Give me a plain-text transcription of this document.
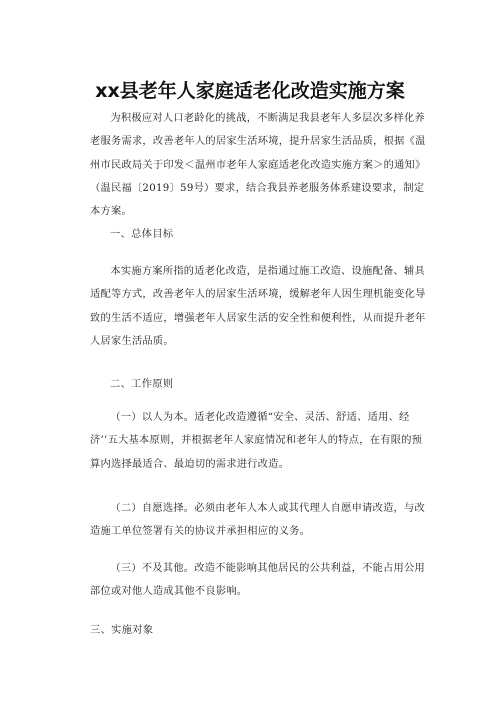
xx县老年人家庭适老化改造实施方案

为积极应对人口老龄化的挑战，不断满足我县老年人多层次多样化养老服务需求，改善老年人的居家生活环境，提升居家生活品质，根据《温州市民政局关于印发＜温州市老年人家庭适老化改造实施方案＞的通知》（温民福〔2019〕59号）要求，结合我县养老服务体系建设要求，制定本方案。

一、总体目标

本实施方案所指的适老化改造，是指通过施工改造、设施配备、辅具适配等方式，改善老年人的居家生活环境，缓解老年人因生理机能变化导致的生活不适应，增强老年人居家生活的安全性和便利性，从而提升老年人居家生活品质。

二、工作原则

（一）以人为本。适老化改造遵循“安全、灵活、舒适、适用、经济’’五大基本原则，并根据老年人家庭情况和老年人的特点，在有限的预算内选择最适合、最迫切的需求进行改造。

（二）自愿选择。必须由老年人本人或其代理人自愿申请改造，与改造施工单位签署有关的协议并承担相应的义务。

（三）不及其他。改造不能影响其他居民的公共利益，不能占用公用部位或对他人造成其他不良影响。

三、实施对象
